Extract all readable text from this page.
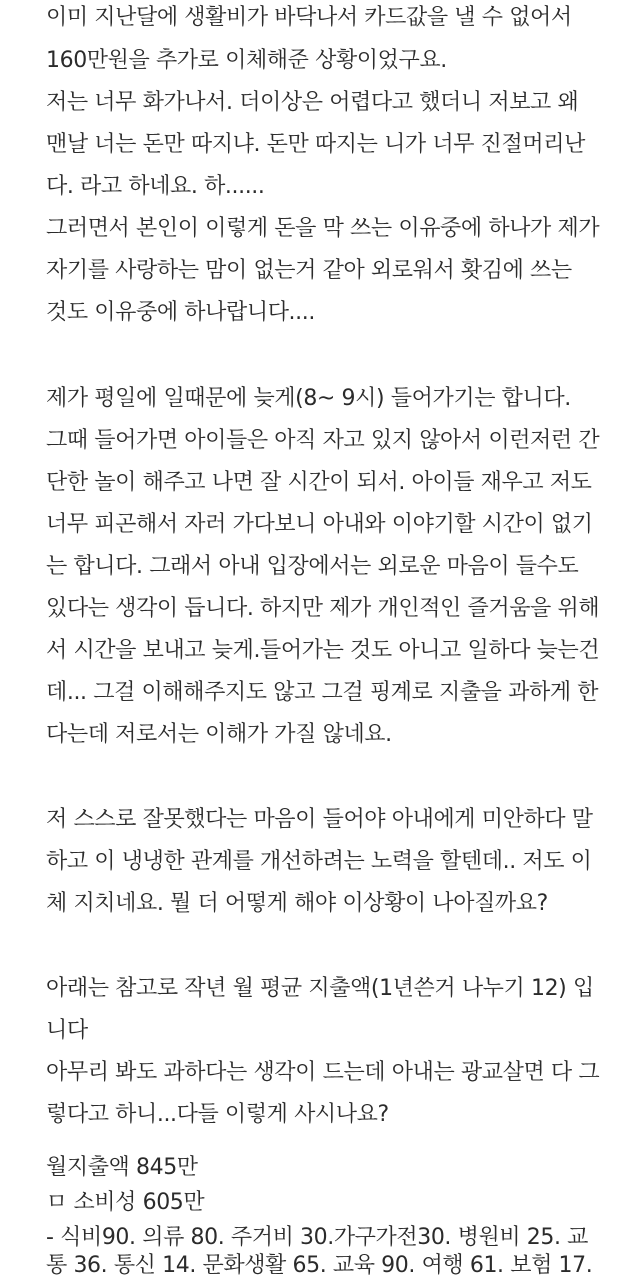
이미 지난달에 생활비가 바닥나서 카드값을 낼 수 없어서
160만원을 추가로 이체해준 상황이었구요.
저는 너무 화가나서. 더이상은 어렵다고 했더니 저보고 왜
맨날 너는 돈만 따지냐. 돈만 따지는 니가 너무 진절머리난
다. 라고 하네요. 하......
그러면서 본인이 이렇게 돈을 막 쓰는 이유중에 하나가 제가
자기를 사랑하는 맘이 없는거 같아 외로워서 홧김에 쓰는
것도 이유중에 하나랍니다....
제가 평일에 일때문에 늦게(8~ 9시) 들어가기는 합니다.
그때 들어가면 아이들은 아직 자고 있지 않아서 이런저런 간
단한 놀이 해주고 나면 잘 시간이 되서. 아이들 재우고 저도
너무 피곤해서 자러 가다보니 아내와 이야기할 시간이 없기
는 합니다. 그래서 아내 입장에서는 외로운 마음이 들수도
있다는 생각이 듭니다. 하지만 제가 개인적인 즐거움을 위해
서 시간을 보내고 늦게.들어가는 것도 아니고 일하다 늦는건
데... 그걸 이해해주지도 않고 그걸 핑계로 지출을 과하게 한
다는데 저로서는 이해가 가질 않네요.
저 스스로 잘못했다는 마음이 들어야 아내에게 미안하다 말
하고 이 냉냉한 관계를 개선하려는 노력을 할텐데.. 저도 이
체 지치네요. 뭘 더 어떻게 해야 이상황이 나아질까요?
아래는 참고로 작년 월 평균 지출액(1년쓴거 나누기 12) 입
니다
아무리 봐도 과하다는 생각이 드는데 아내는 광교살면 다 그
렇다고 하니...다들 이렇게 사시나요?
월지출액 845만
ㅁ 소비성 605만
- 식비90. 의류 80. 주거비 30.가구가전30. 병원비 25. 교
통 36. 통신 14. 문화생활 65. 교육 90. 여행 61. 보험 17.
